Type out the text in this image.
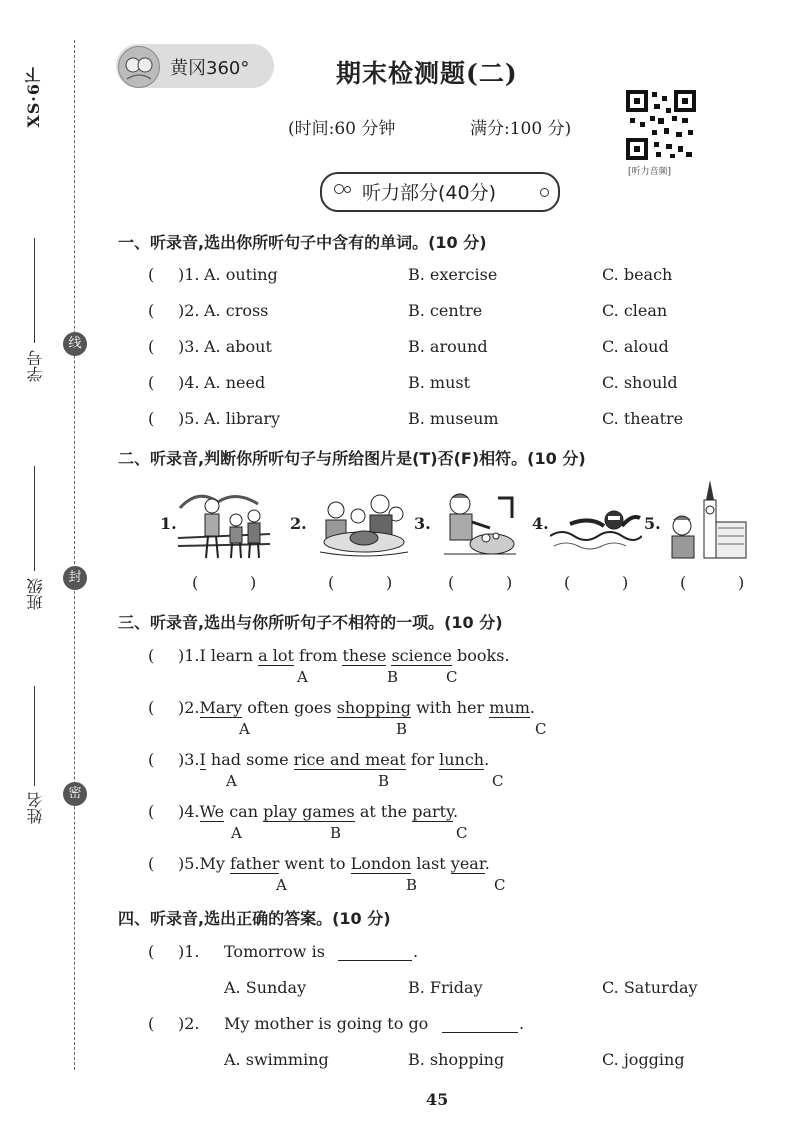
XS·6下
学号
班级
姓名
线
封
密
黄冈360°	期末检测题(二)
(时间:60 分钟	满分:100 分)
[听力音频]
听力部分(40分)
一、听录音,选出你所听句子中含有的单词。(10 分)
( )1. A. outing	B. exercise	C. beach
( )2. A. cross	B. centre	C. clean
( )3. A. about	B. around	C. aloud
( )4. A. need	B. must	C. should
( )5. A. library	B. museum	C. theatre
二、听录音,判断你所听句子与所给图片是(T)否(F)相符。(10 分)
1.	2.	3.	4.	5.
(	)	(	)	(	)	(	)	(	)
三、听录音,选出与你所听句子不相符的一项。(10 分)
( )1.I learn a lot from these science books.
A	B	C
( )2.Mary often goes shopping with her mum.
A	B	C
( )3.I had some rice and meat for lunch.
A	B	C
( )4.We can play games at the party.
A	B	C
( )5.My father went to London last year.
A	B	C
四、听录音,选出正确的答案。(10 分)
( )1. Tomorrow is	.
A. Sunday	B. Friday	C. Saturday
( )2. My mother is going to go	.
A. swimming	B. shopping	C. jogging
45
